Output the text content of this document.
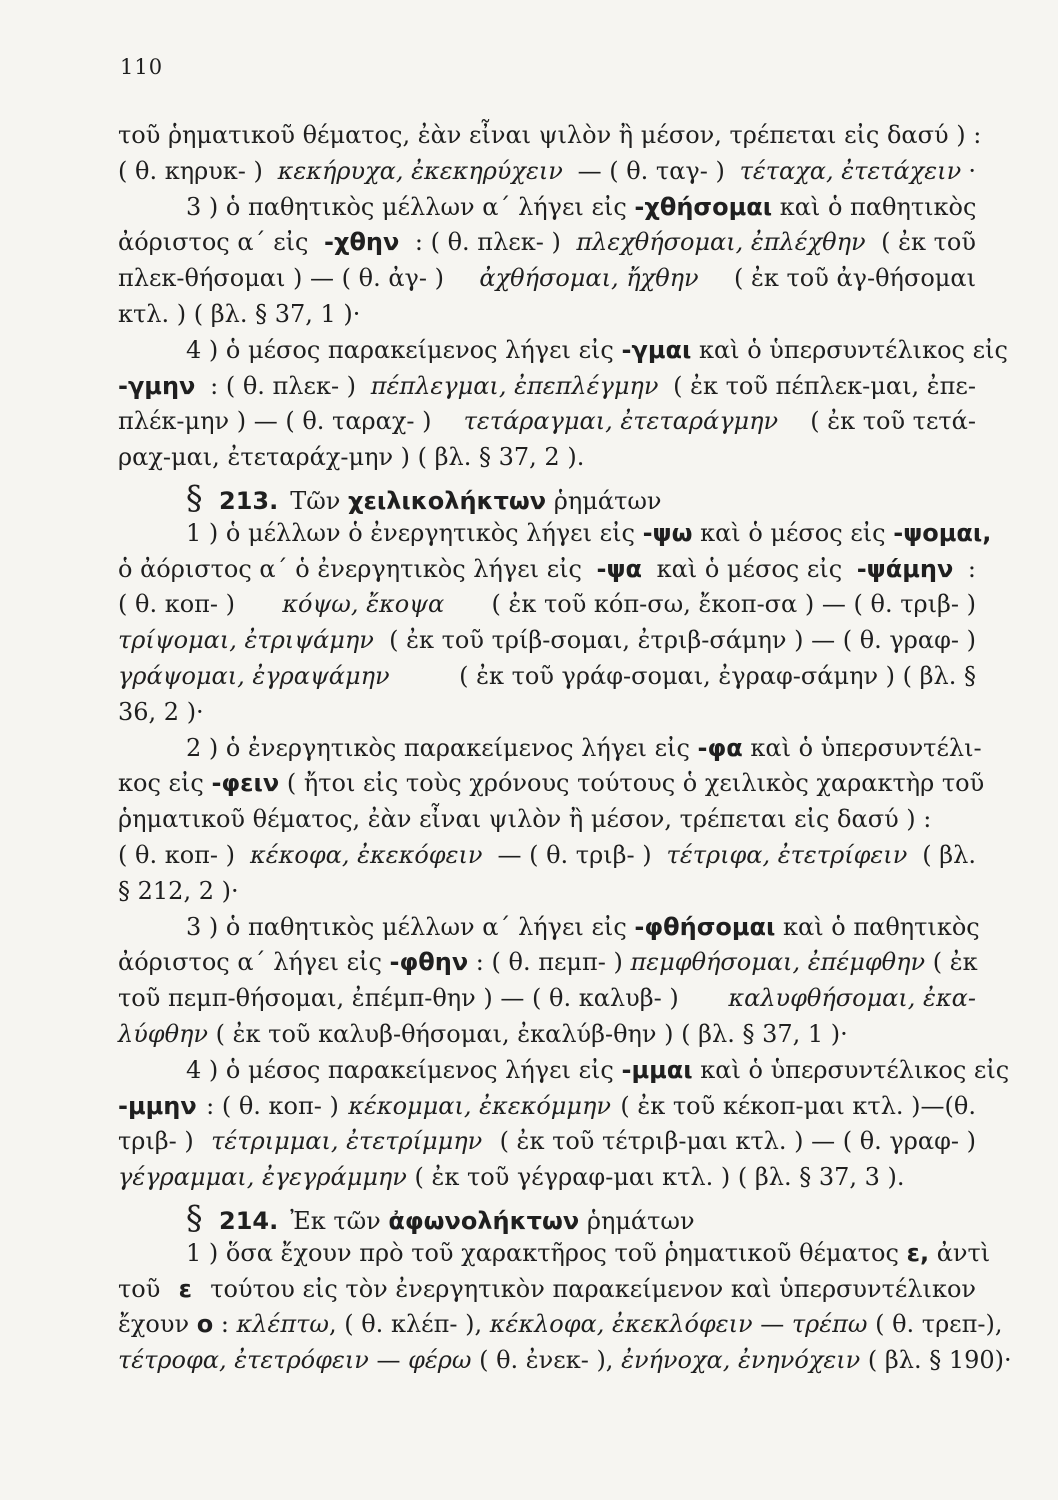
110
τοῦ ῥηματικοῦ θέματος, ἐὰν εἶναι ψιλὸν ἢ μέσον, τρέπεται εἰς δασύ ) :
( θ. κηρυκ- ) κεκήρυχα, ἐκεκηρύχειν — ( θ. ταγ- ) τέταχα, ἐτετάχειν ·
3 ) ὁ παθητικὸς μέλλων α΄ λήγει εἰς -χθήσομαι καὶ ὁ παθητικὸς
ἀόριστος α΄ εἰς -χθην : ( θ. πλεκ- ) πλεχθήσομαι, ἐπλέχθην ( ἐκ τοῦ
πλεκ-θήσομαι ) — ( θ. ἀγ- ) ἀχθήσομαι, ἤχθην ( ἐκ τοῦ ἀγ-θήσομαι
κτλ. ) ( βλ. § 37, 1 )·
4 ) ὁ μέσος παρακείμενος λήγει εἰς -γμαι καὶ ὁ ὑπερσυντέλικος εἰς
-γμην : ( θ. πλεκ- ) πέπλεγμαι, ἐπεπλέγμην ( ἐκ τοῦ πέπλεκ-μαι, ἐπε-
πλέκ-μην ) — ( θ. ταραχ- ) τετάραγμαι, ἐτεταράγμην ( ἐκ τοῦ τετά-
ραχ-μαι, ἐτεταράχ-μην ) ( βλ. § 37, 2 ).
§ 213. Τῶν χειλικολήκτων ῥημάτων
1 ) ὁ μέλλων ὁ ἐνεργητικὸς λήγει εἰς -ψω καὶ ὁ μέσος εἰς -ψομαι,
ὁ ἀόριστος α΄ ὁ ἐνεργητικὸς λήγει εἰς -ψα καὶ ὁ μέσος εἰς -ψάμην :
( θ. κοπ- ) κόψω, ἔκοψα ( ἐκ τοῦ κόπ-σω, ἔκοπ-σα ) — ( θ. τριβ- )
τρίψομαι, ἐτριψάμην ( ἐκ τοῦ τρίβ-σομαι, ἐτριβ-σάμην ) — ( θ. γραφ- )
γράψομαι, ἐγραψάμην	( ἐκ τοῦ γράφ-σομαι, ἐγραφ-σάμην ) ( βλ. §
36, 2 )·
2 ) ὁ ἐνεργητικὸς παρακείμενος λήγει εἰς -φα καὶ ὁ ὑπερσυντέλι-
κος εἰς -φειν ( ἤτοι εἰς τοὺς χρόνους τούτους ὁ χειλικὸς χαρακτὴρ τοῦ
ῥηματικοῦ θέματος, ἐὰν εἶναι ψιλὸν ἢ μέσον, τρέπεται εἰς δασύ ) :
( θ. κοπ- ) κέκοφα, ἐκεκόφειν — ( θ. τριβ- ) τέτριφα, ἐτετρίφειν ( βλ.
§ 212, 2 )·
3 ) ὁ παθητικὸς μέλλων α΄ λήγει εἰς -φθήσομαι καὶ ὁ παθητικὸς
ἀόριστος α΄ λήγει εἰς -φθην : ( θ. πεμπ- ) πεμφθήσομαι, ἐπέμφθην ( ἐκ
τοῦ πεμπ-θήσομαι, ἐπέμπ-θην ) — ( θ. καλυβ- ) καλυφθήσομαι, ἐκα-
λύφθην ( ἐκ τοῦ καλυβ-θήσομαι, ἐκαλύβ-θην ) ( βλ. § 37, 1 )·
4 ) ὁ μέσος παρακείμενος λήγει εἰς -μμαι καὶ ὁ ὑπερσυντέλικος εἰς
-μμην : ( θ. κοπ- ) κέκομμαι, ἐκεκόμμην ( ἐκ τοῦ κέκοπ-μαι κτλ. )—(θ.
τριβ- ) τέτριμμαι, ἐτετρίμμην ( ἐκ τοῦ τέτριβ-μαι κτλ. ) — ( θ. γραφ- )
γέγραμμαι, ἐγεγράμμην ( ἐκ τοῦ γέγραφ-μαι κτλ. ) ( βλ. § 37, 3 ).
§ 214. Ἐκ τῶν ἀφωνολήκτων ῥημάτων
1 ) ὅσα ἔχουν πρὸ τοῦ χαρακτῆρος τοῦ ῥηματικοῦ θέματος ε, ἀντὶ
τοῦ ε τούτου εἰς τὸν ἐνεργητικὸν παρακείμενον καὶ ὑπερσυντέλικον
ἔχουν ο : κλέπτω , ( θ. κλέπ- ), κέκλοφα, ἐκεκλόφειν — τρέπω ( θ. τρεπ-),
τέτροφα, ἐτετρόφειν — φέρω ( θ. ἐνεκ- ), ἐνήνοχα, ἐνηνόχειν ( βλ. § 190)·
